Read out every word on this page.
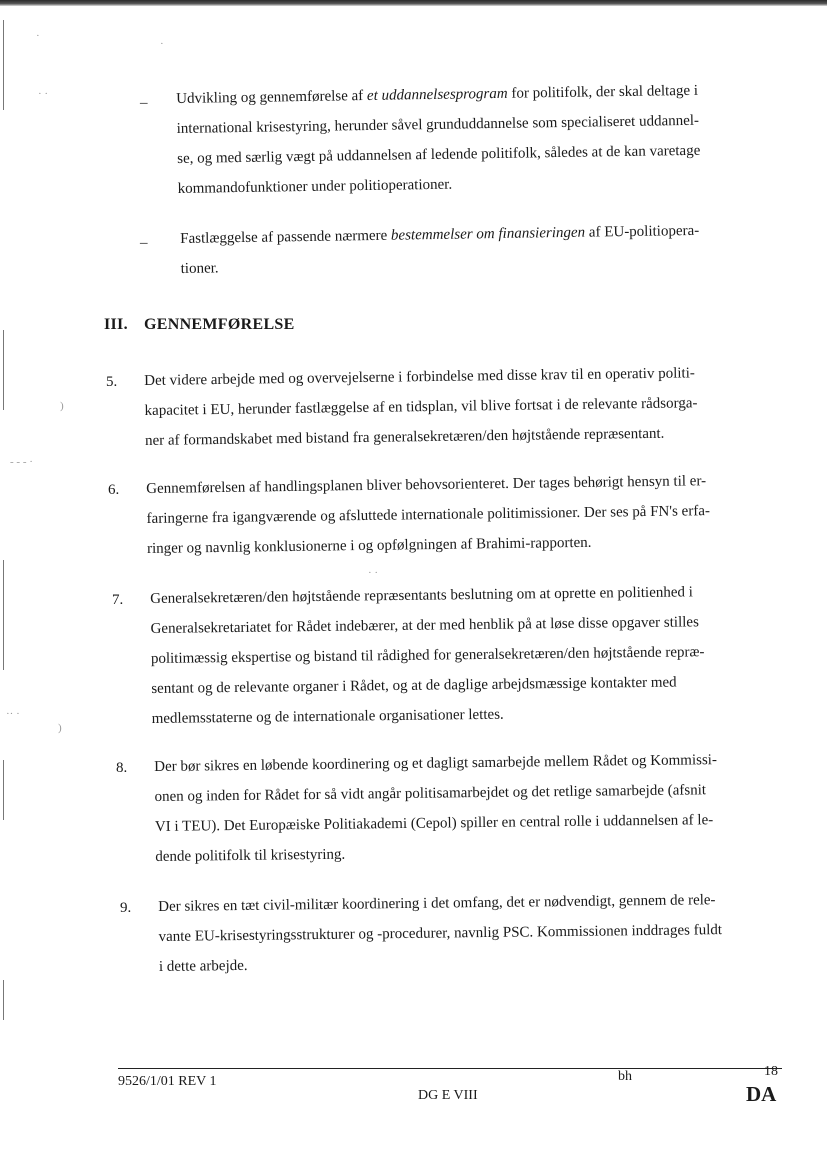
·
·
· ·
)
- - - ·
·· ·
)
· ·
_ Udvikling og gennemførelse af et uddannelsesprogram for politifolk, der skal deltage i
international krisestyring, herunder såvel grunduddannelse som specialiseret uddannel-
se, og med særlig vægt på uddannelsen af ledende politifolk, således at de kan varetage
kommandofunktioner under politioperationer.
_ Fastlæggelse af passende nærmere bestemmelser om finansieringen af EU-politiopera-
tioner.
III. GENNEMFØRELSE
5. Det videre arbejde med og overvejelserne i forbindelse med disse krav til en operativ politi-
kapacitet i EU, herunder fastlæggelse af en tidsplan, vil blive fortsat i de relevante rådsorga-
ner af formandskabet med bistand fra generalsekretæren/den højtstående repræsentant.
6. Gennemførelsen af handlingsplanen bliver behovsorienteret. Der tages behørigt hensyn til er-
faringerne fra igangværende og afsluttede internationale politimissioner. Der ses på FN's erfa-
ringer og navnlig konklusionerne i og opfølgningen af Brahimi-rapporten.
7. Generalsekretæren/den højtstående repræsentants beslutning om at oprette en politienhed i
Generalsekretariatet for Rådet indebærer, at der med henblik på at løse disse opgaver stilles
politimæssig ekspertise og bistand til rådighed for generalsekretæren/den højtstående repræ-
sentant og de relevante organer i Rådet, og at de daglige arbejdsmæssige kontakter med
medlemsstaterne og de internationale organisationer lettes.
8. Der bør sikres en løbende koordinering og et dagligt samarbejde mellem Rådet og Kommissi-
onen og inden for Rådet for så vidt angår politisamarbejdet og det retlige samarbejde (afsnit
VI i TEU). Det Europæiske Politiakademi (Cepol) spiller en central rolle i uddannelsen af le-
dende politifolk til krisestyring.
9. Der sikres en tæt civil-militær koordinering i det omfang, det er nødvendigt, gennem de rele-
vante EU-krisestyringsstrukturer og -procedurer, navnlig PSC. Kommissionen inddrages fuldt
i dette arbejde.
9526/1/01 REV 1	bh	18
DG E VIII	DA
